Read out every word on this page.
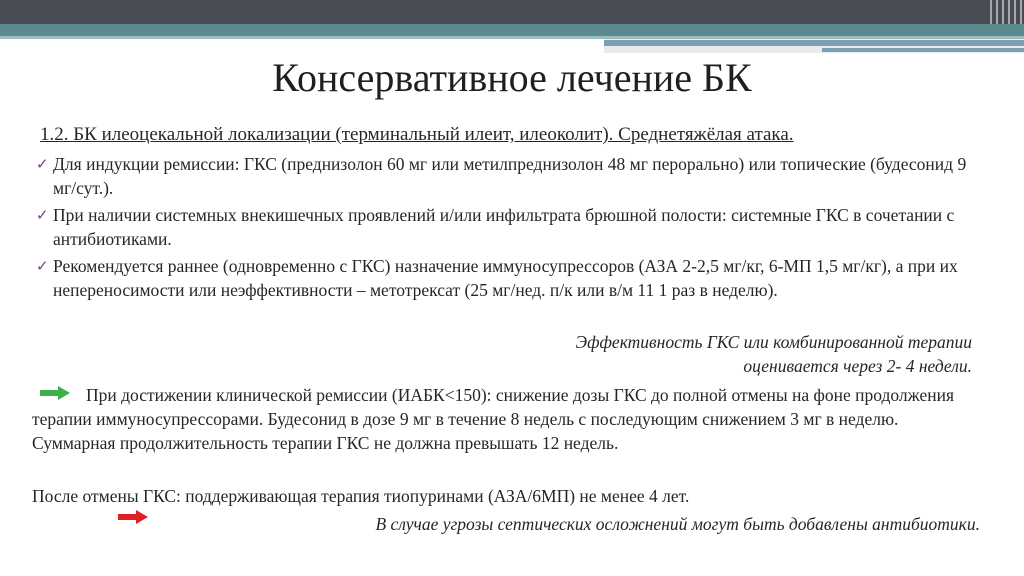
Консервативное лечение БК
1.2. БК илеоцекальной локализации (терминальный илеит, илеоколит). Среднетяжёлая атака.
✓ Для индукции ремиссии: ГКС (преднизолон 60 мг или метилпреднизолон 48 мг перорально) или топические (будесонид 9 мг/сут.).
✓ При наличии системных внекишечных проявлений и/или инфильтрата брюшной полости: системные ГКС в сочетании с антибиотиками.
✓ Рекомендуется раннее (одновременно с ГКС) назначение иммуносупрессоров (АЗА 2-2,5 мг/кг, 6-МП 1,5 мг/кг), а при их непереносимости или неэффективности – метотрексат (25 мг/нед. п/к или в/м 11 1 раз в неделю).
Эффективность ГКС или комбинированной терапии оценивается через 2- 4 недели.
При достижении клинической ремиссии (ИАБК<150): снижение дозы ГКС до полной отмены на фоне продолжения терапии иммуносупрессорами. Будесонид в дозе 9 мг в течение 8 недель с последующим снижением 3 мг в неделю. Суммарная продолжительность терапии ГКС не должна превышать 12 недель.
После отмены ГКС: поддерживающая терапия тиопуринами (АЗА/6МП) не менее 4 лет.
В случае угрозы септических осложнений могут быть добавлены антибиотики.
